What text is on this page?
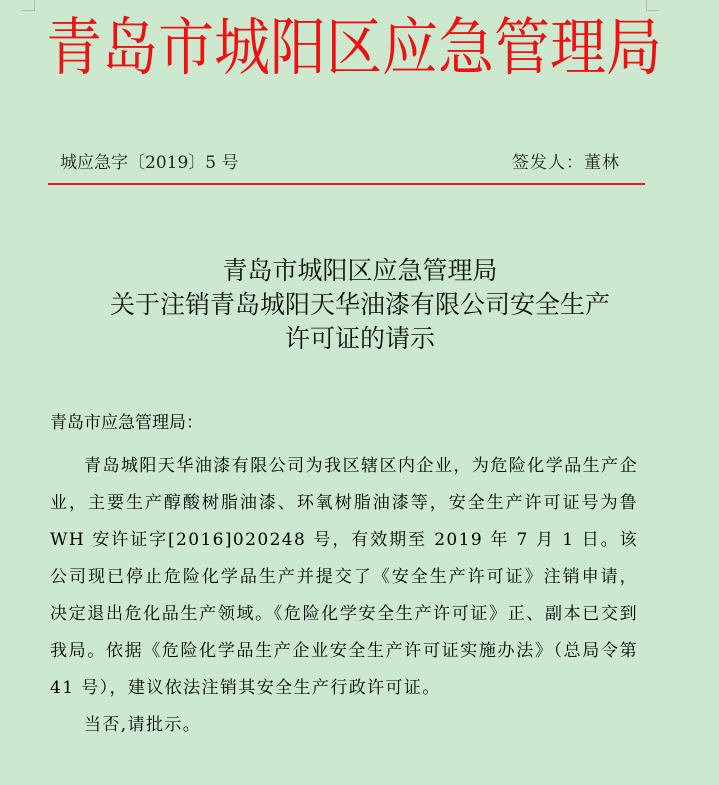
青岛市城阳区应急管理局
城应急字〔2019〕5 号	签发人：董林
青岛市城阳区应急管理局
关于注销青岛城阳天华油漆有限公司安全生产
许可证的请示
青岛市应急管理局：

青岛城阳天华油漆有限公司为我区辖区内企业，为危险化学品生产企业，主要生产醇酸树脂油漆、环氧树脂油漆等，安全生产许可证号为鲁 WH 安许证字[2016]020248 号，有效期至 2019 年 7 月 1 日。该公司现已停止危险化学品生产并提交了《安全生产许可证》注销申请，决定退出危化品生产领域。《危险化学安全生产许可证》正、副本已交到我局。依据《危险化学品生产企业安全生产许可证实施办法》（总局令第 41 号），建议依法注销其安全生产行政许可证。

当否,请批示。
